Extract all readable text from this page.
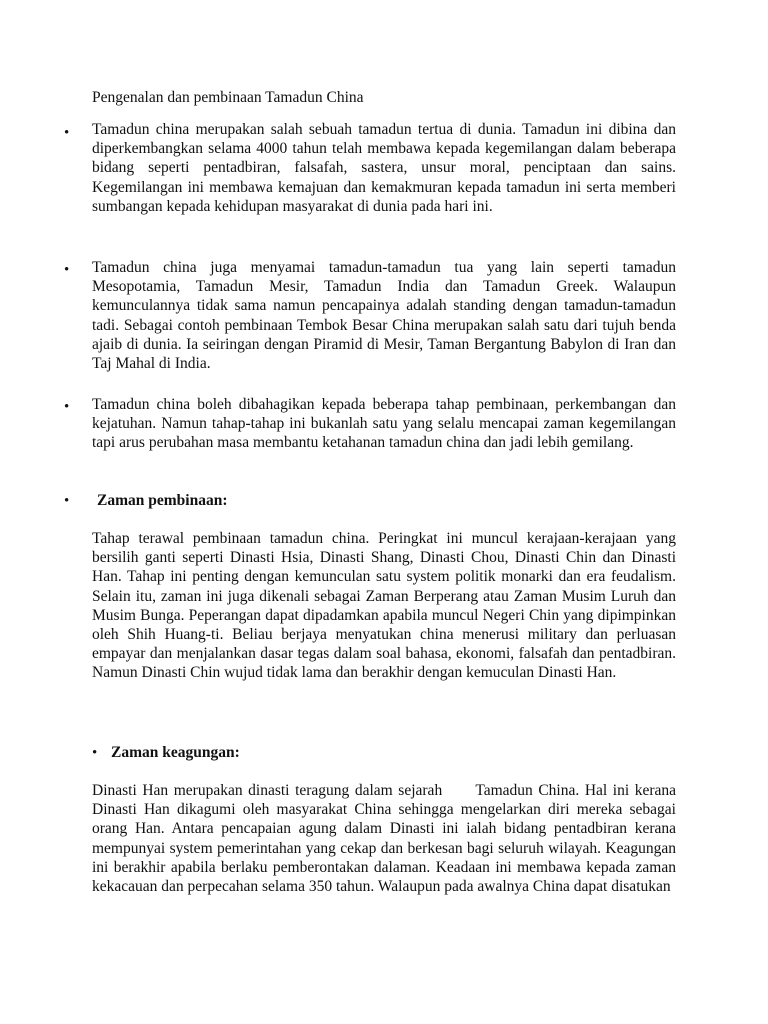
Pengenalan dan pembinaan Tamadun China
• Tamadun china merupakan salah sebuah tamadun tertua di dunia. Tamadun ini dibina dan diperkembangkan selama 4000 tahun telah membawa kepada kegemilangan dalam beberapa bidang seperti pentadbiran, falsafah, sastera, unsur moral, penciptaan dan sains. Kegemilangan ini membawa kemajuan dan kemakmuran kepada tamadun ini serta memberi sumbangan kepada kehidupan masyarakat di dunia pada hari ini.

• Tamadun china juga menyamai tamadun-tamadun tua yang lain seperti tamadun Mesopotamia, Tamadun Mesir, Tamadun India dan Tamadun Greek. Walaupun kemunculannya tidak sama namun pencapainya adalah standing dengan tamadun-tamadun tadi. Sebagai contoh pembinaan Tembok Besar China merupakan salah satu dari tujuh benda ajaib di dunia. Ia seiringan dengan Piramid di Mesir, Taman Bergantung Babylon di Iran dan Taj Mahal di India.

• Tamadun china boleh dibahagikan kepada beberapa tahap pembinaan, perkembangan dan kejatuhan. Namun tahap-tahap ini bukanlah satu yang selalu mencapai zaman kegemilangan tapi arus perubahan masa membantu ketahanan tamadun china dan jadi lebih gemilang.

• Zaman pembinaan:

Tahap terawal pembinaan tamadun china. Peringkat ini muncul kerajaan-kerajaan yang bersilih ganti seperti Dinasti Hsia, Dinasti Shang, Dinasti Chou, Dinasti Chin dan Dinasti Han. Tahap ini penting dengan kemunculan satu system politik monarki dan era feudalism. Selain itu, zaman ini juga dikenali sebagai Zaman Berperang atau Zaman Musim Luruh dan Musim Bunga. Peperangan dapat dipadamkan apabila muncul Negeri Chin yang dipimpinkan oleh Shih Huang-ti. Beliau berjaya menyatukan china menerusi military dan perluasan empayar dan menjalankan dasar tegas dalam soal bahasa, ekonomi, falsafah dan pentadbiran. Namun Dinasti Chin wujud tidak lama dan berakhir dengan kemuculan Dinasti Han.

• Zaman keagungan:

Dinasti Han merupakan dinasti teragung dalam sejarah      Tamadun China. Hal ini kerana Dinasti Han dikagumi oleh masyarakat China sehingga mengelarkan diri mereka sebagai orang Han. Antara pencapaian agung dalam Dinasti ini ialah bidang pentadbiran kerana mempunyai system pemerintahan yang cekap dan berkesan bagi seluruh wilayah. Keagungan ini berakhir apabila berlaku pemberontakan dalaman. Keadaan ini membawa kepada zaman kekacauan dan perpecahan selama 350 tahun. Walaupun pada awalnya China dapat disatukan
